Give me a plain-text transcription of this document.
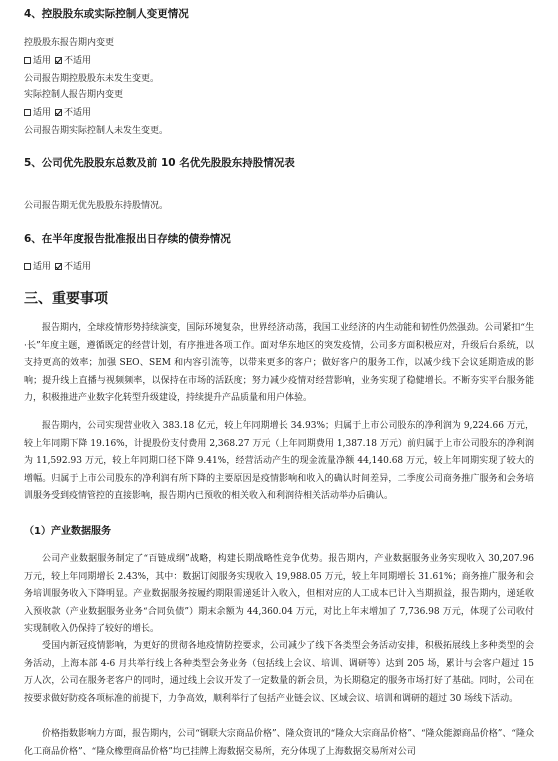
4、控股股东或实际控制人变更情况
控股股东报告期内变更
适用 不适用
公司报告期控股股东未发生变更。
实际控制人报告期内变更
适用 不适用
公司报告期实际控制人未发生变更。
5、公司优先股股东总数及前 10 名优先股股东持股情况表
公司报告期无优先股股东持股情况。
6、在半年度报告批准报出日存续的债券情况
适用 不适用
三、重要事项

报告期内，全球疫情形势持续演变，国际环境复杂，世界经济动荡，我国工业经济的内生动能和韧性仍然强劲。公司紧扣“生·长”年度主题，遵循既定的经营计划，有序推进各项工作。面对华东地区的突发疫情，公司多方面积极应对，升级后台系统，以支持更高的效率；加强 SEO、SEM 和内容引流等，以带来更多的客户；做好客户的服务工作，以减少线下会议延期造成的影响；提升线上直播与视频频率，以保持在市场的活跃度；努力减少疫情对经营影响，业务实现了稳健增长。不断夯实平台服务能力，积极推进产业数字化转型升级建设，持续提升产品质量和用户体验。

报告期内，公司实现营业收入 383.18 亿元，较上年同期增长 34.93%；归属于上市公司股东的净利润为 9,224.66 万元，较上年同期下降 19.16%，计提股份支付费用 2,368.27 万元（上年同期费用 1,387.18 万元）前归属于上市公司股东的净利润为 11,592.93 万元，较上年同期口径下降 9.41%，经营活动产生的现金流量净额 44,140.68 万元，较上年同期实现了较大的增幅。归属于上市公司股东的净利润有所下降的主要原因是疫情影响和收入的确认时间差异，二季度公司商务推广服务和会务培训服务受到疫情管控的直接影响，报告期内已预收的相关收入和利润待相关活动举办后确认。

（1）产业数据服务

公司产业数据服务制定了“百链成纲”战略，构建长期战略性竞争优势。报告期内，产业数据服务业务实现收入 30,207.96 万元，较上年同期增长 2.43%，其中：数据订阅服务实现收入 19,988.05 万元，较上年同期增长 31.61%；商务推广服务和会务培训服务收入下降明显。产业数据服务按履约期限需递延计入收入，但相对应的人工成本已计入当期损益，报告期内，递延收入预收款（产业数据服务业务“合同负债”）期末余额为 44,360.04 万元，对比上年末增加了 7,736.98 万元，体现了公司收付实现制收入仍保持了较好的增长。

受国内新冠疫情影响，为更好的贯彻各地疫情防控要求，公司减少了线下各类型会务活动安排，积极拓展线上多种类型的会务活动，上海本部 4-6 月共举行线上各种类型会务业务（包括线上会议、培训、调研等）达到 205 场，累计与会客户超过 15 万人次，公司在服务老客户的同时，通过线上会议开发了一定数量的新会员，为长期稳定的服务市场打好了基础。同时，公司在按要求做好防疫各项标准的前提下，力争高效，顺利举行了包括产业链会议、区域会议、培训和调研的超过 30 场线下活动。

价格指数影响力方面，报告期内，公司“钢联大宗商品价格”、隆众资讯的“隆众大宗商品价格”、“隆众能源商品价格”、“隆众化工商品价格”、“隆众橡塑商品价格”均已挂牌上海数据交易所，充分体现了上海数据交易所对公司
